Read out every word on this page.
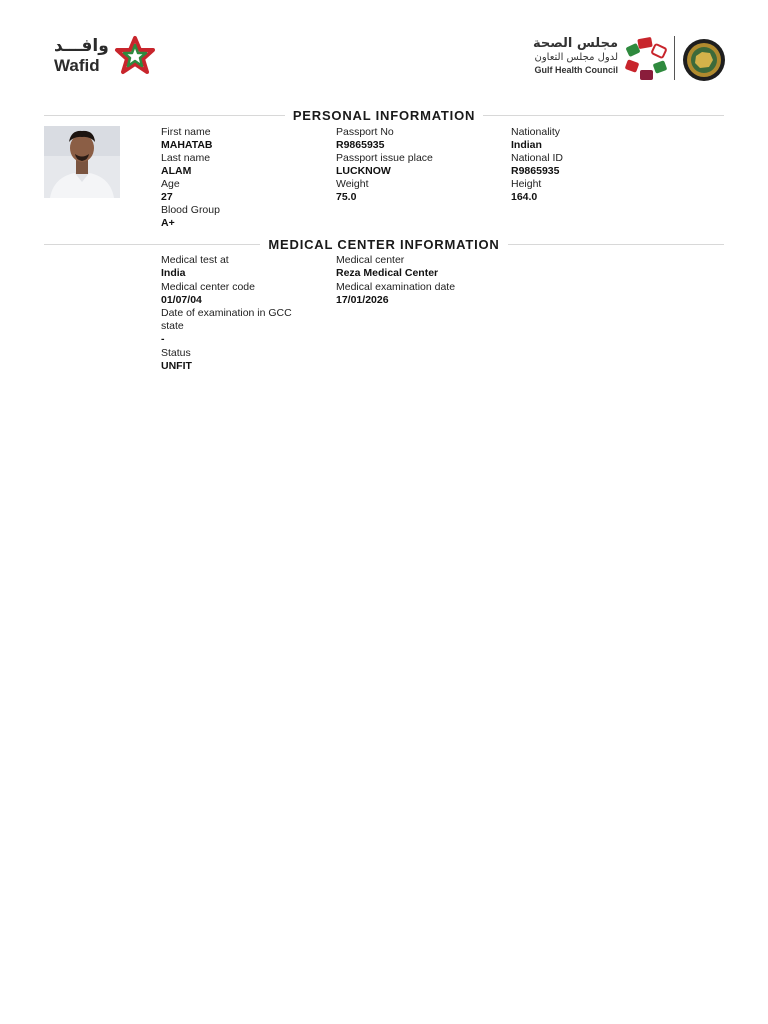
وافـــد
Wafid
مجلس الصحة
لدول مجلس التعاون
Gulf Health Council
PERSONAL INFORMATION
First name
MAHATAB
Last name
ALAM
Age
27
Blood Group
A+
Passport No
R9865935
Passport issue place
LUCKNOW
Weight
75.0
Nationality
Indian
National ID
R9865935
Height
164.0
MEDICAL CENTER INFORMATION
Medical test at
India
Medical center code
01/07/04
Date of examination in GCC state
-
Status
UNFIT
Medical center
Reza Medical Center
Medical examination date
17/01/2026
